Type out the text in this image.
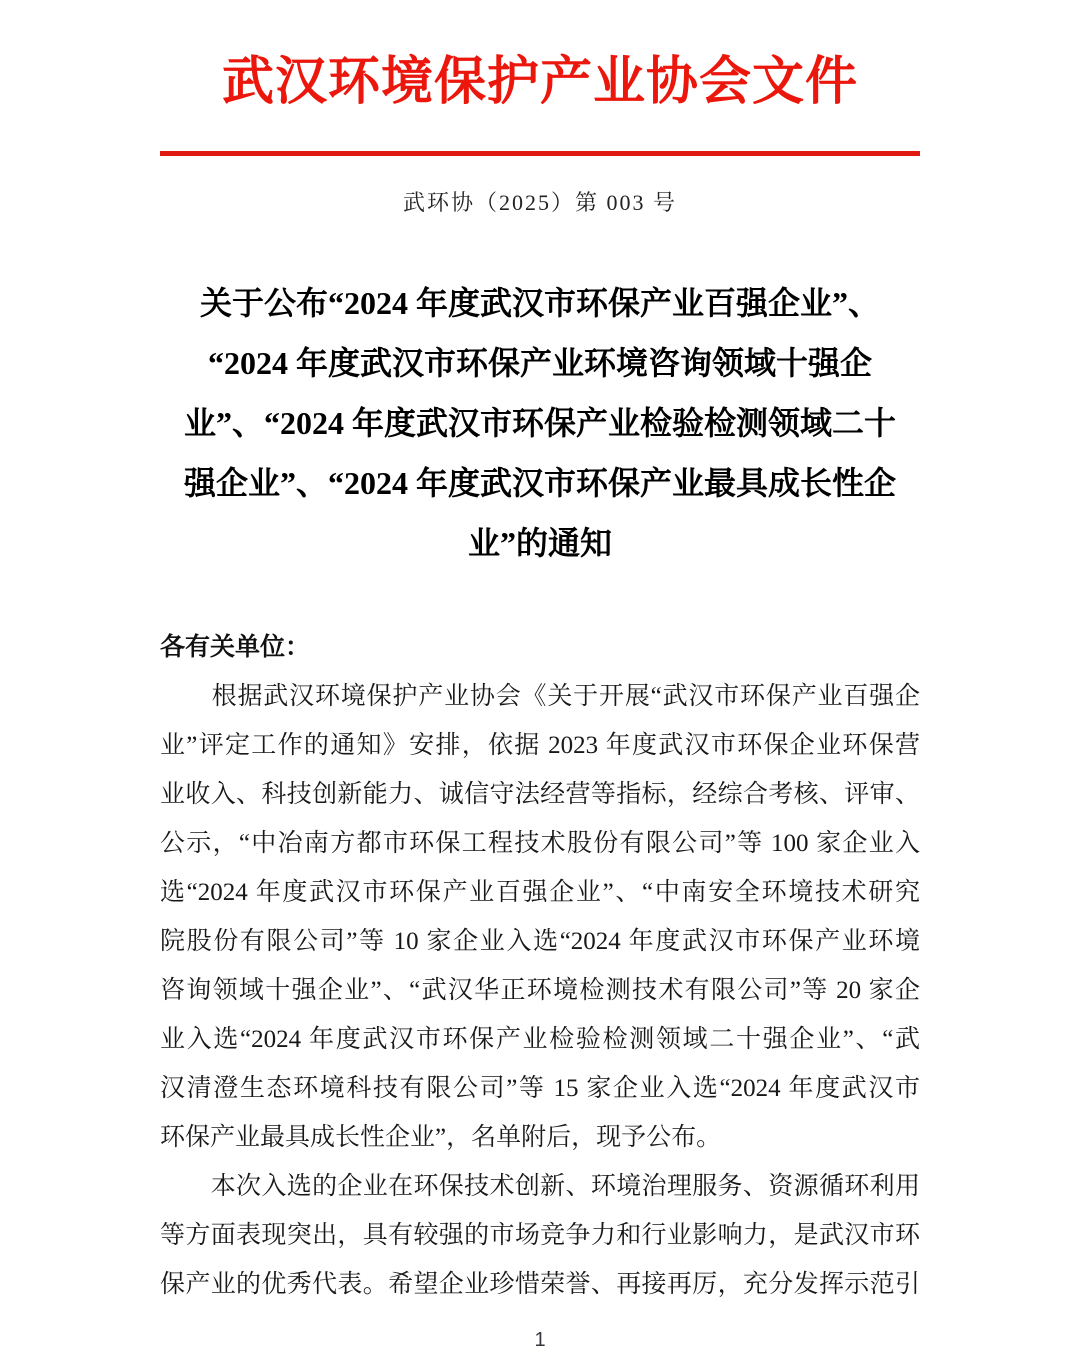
武汉环境保护产业协会文件
武环协（2025）第 003 号
关于公布“2024 年度武汉市环保产业百强企业”、
“2024 年度武汉市环保产业环境咨询领域十强企
业”、“2024 年度武汉市环保产业检验检测领域二十
强企业”、“2024 年度武汉市环保产业最具成长性企
业”的通知
各有关单位：
　　根据武汉环境保护产业协会《关于开展“武汉市环保产业百强企
业”评定工作的通知》安排，依据 2023 年度武汉市环保企业环保营
业收入、科技创新能力、诚信守法经营等指标，经综合考核、评审、
公示，“中冶南方都市环保工程技术股份有限公司”等 100 家企业入
选“2024 年度武汉市环保产业百强企业”、“中南安全环境技术研究
院股份有限公司”等 10 家企业入选“2024 年度武汉市环保产业环境
咨询领域十强企业”、“武汉华正环境检测技术有限公司”等 20 家企
业入选“2024 年度武汉市环保产业检验检测领域二十强企业”、“武
汉清澄生态环境科技有限公司”等 15 家企业入选“2024 年度武汉市
环保产业最具成长性企业”，名单附后，现予公布。
　　本次入选的企业在环保技术创新、环境治理服务、资源循环利用
等方面表现突出，具有较强的市场竞争力和行业影响力，是武汉市环
保产业的优秀代表。希望企业珍惜荣誉、再接再厉，充分发挥示范引
1
